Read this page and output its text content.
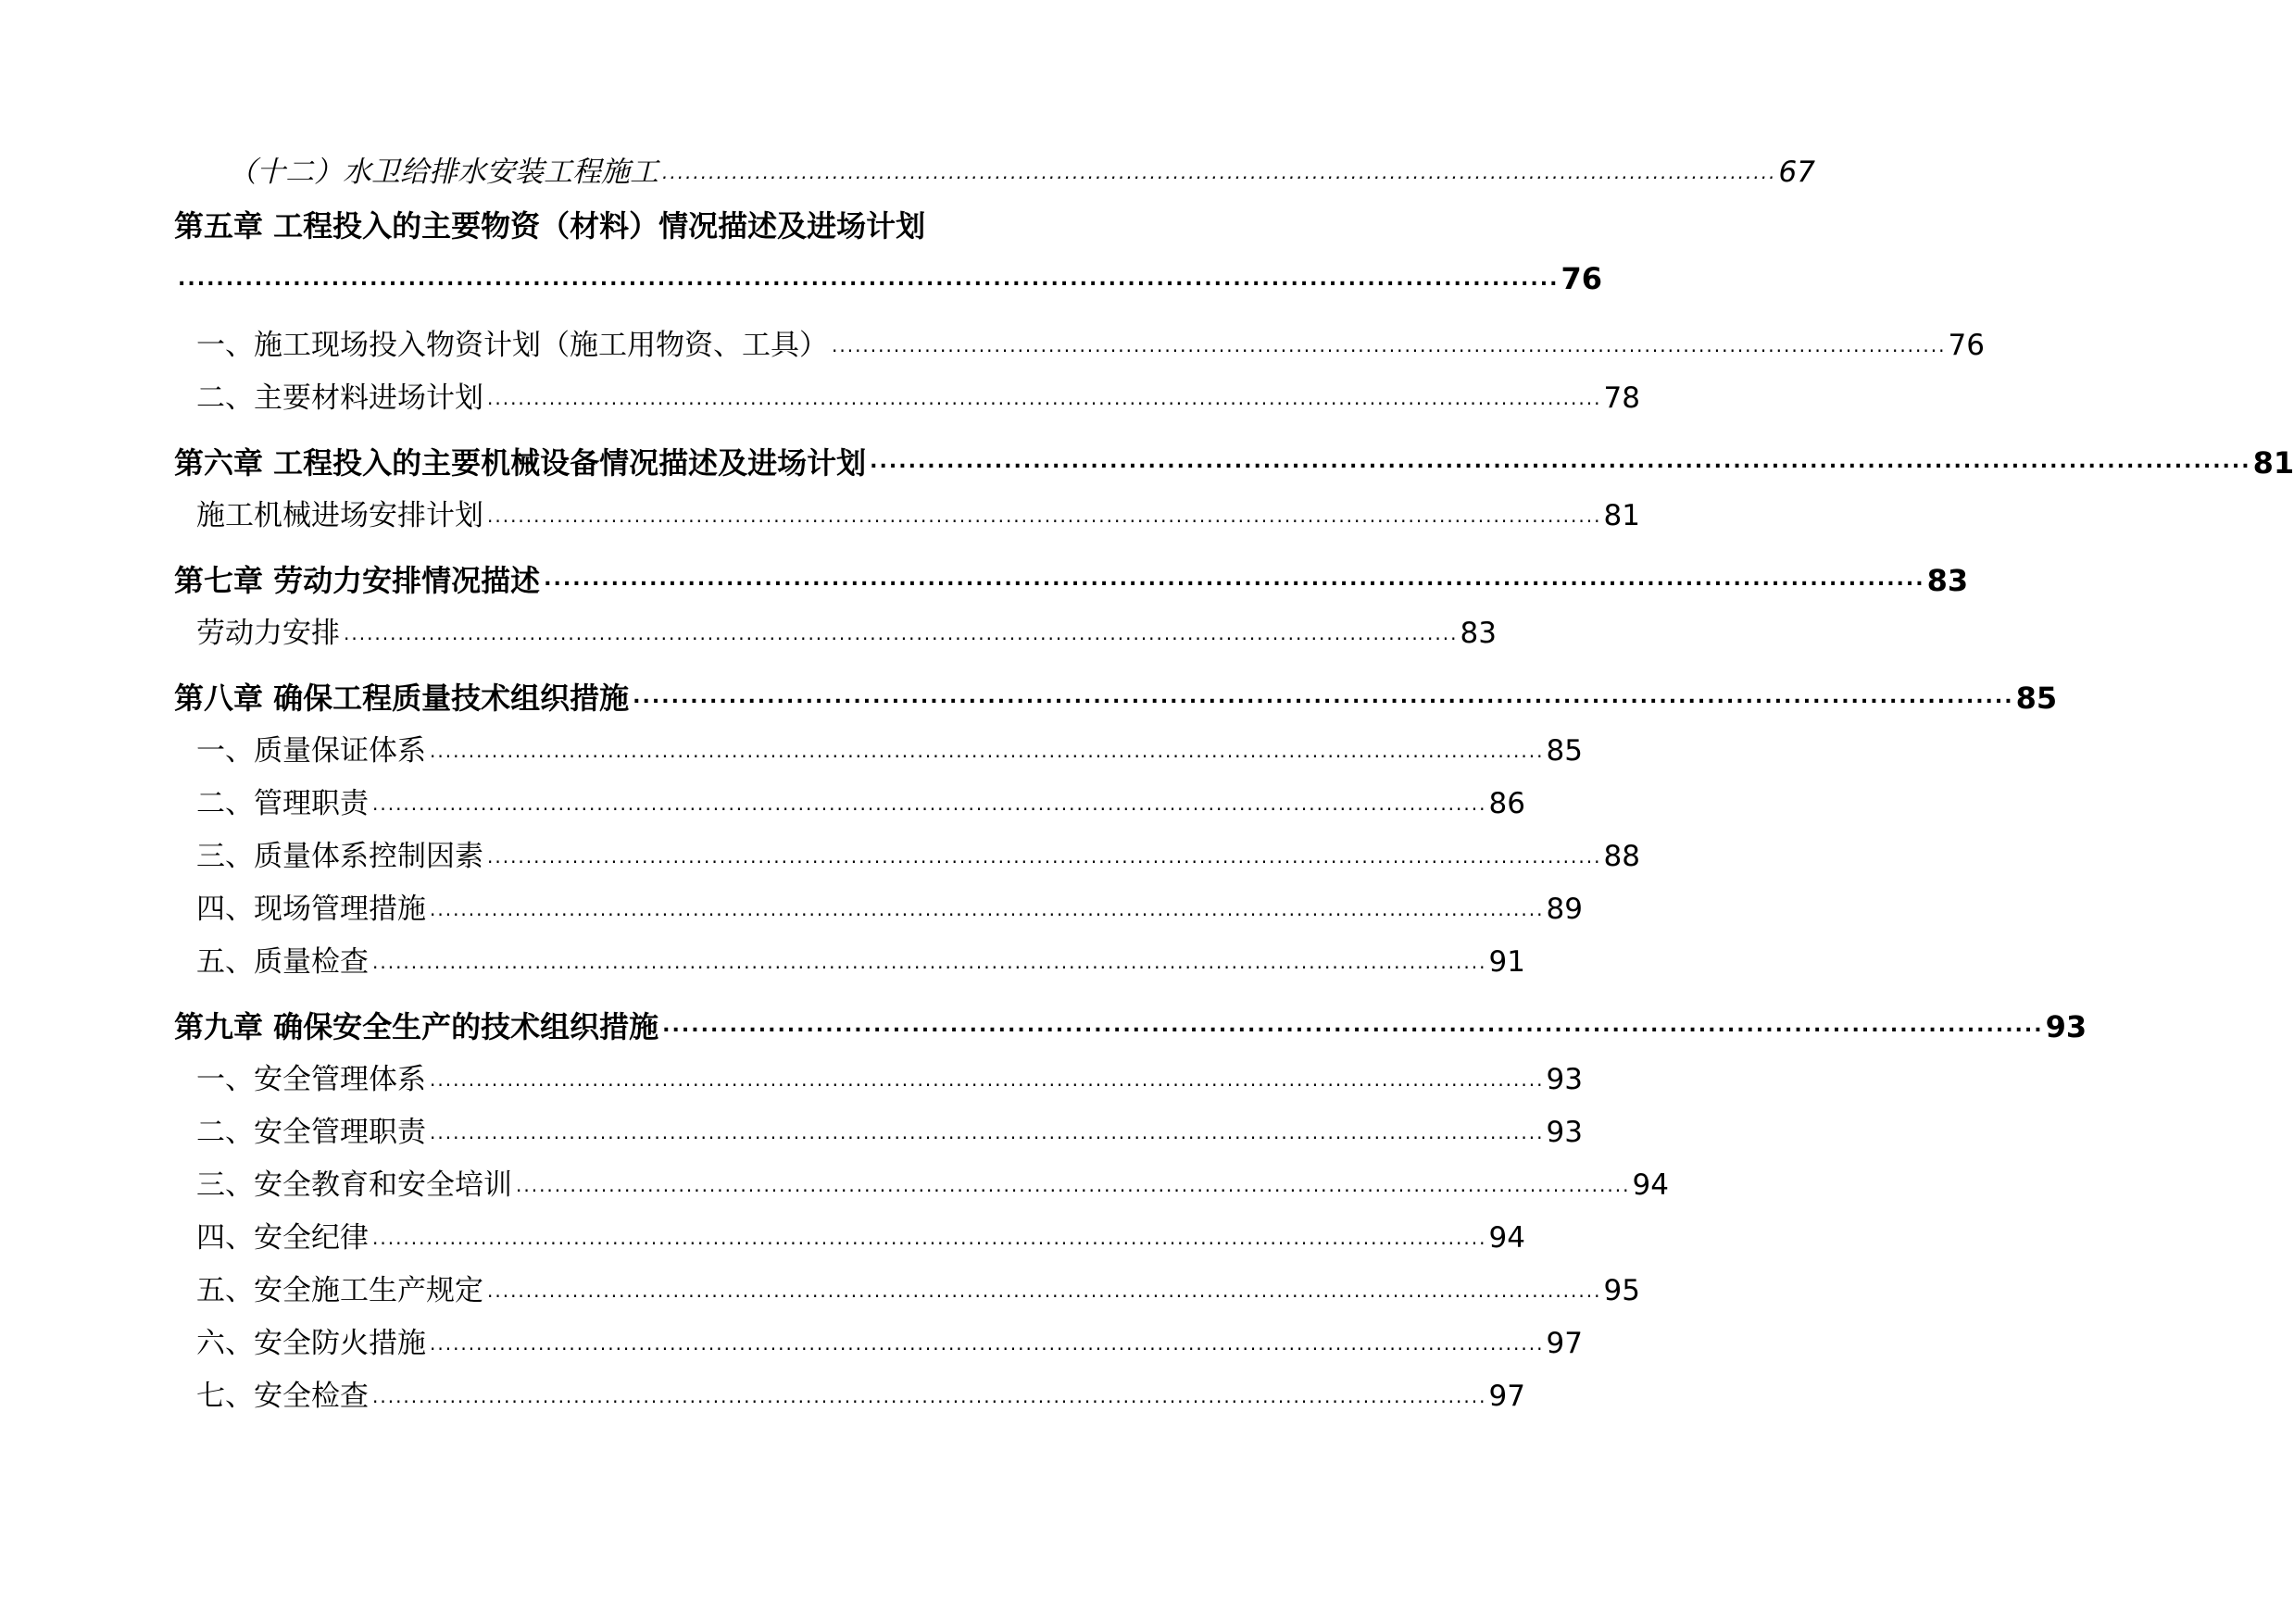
（十二）水卫给排水安装工程施工 ................................................................................................................................................ 67
第五章 工程投入的主要物资（材料）情况描述及进场计划
................................................................................................................................................ 76
一、施工现场投入物资计划（施工用物资、工具） ................................................................................................................................................ 76
二、主要材料进场计划 ................................................................................................................................................ 78
第六章 工程投入的主要机械设备情况描述及进场计划 ................................................................................................................................................ 81
施工机械进场安排计划 ................................................................................................................................................ 81
第七章 劳动力安排情况描述 ................................................................................................................................................ 83
劳动力安排 ................................................................................................................................................ 83
第八章 确保工程质量技术组织措施 ................................................................................................................................................ 85
一、质量保证体系 ................................................................................................................................................ 85
二、管理职责 ................................................................................................................................................ 86
三、质量体系控制因素 ................................................................................................................................................ 88
四、现场管理措施 ................................................................................................................................................ 89
五、质量检查 ................................................................................................................................................ 91
第九章 确保安全生产的技术组织措施 ................................................................................................................................................ 93
一、安全管理体系 ................................................................................................................................................ 93
二、安全管理职责 ................................................................................................................................................ 93
三、安全教育和安全培训 ................................................................................................................................................ 94
四、安全纪律 ................................................................................................................................................ 94
五、安全施工生产规定 ................................................................................................................................................ 95
六、安全防火措施 ................................................................................................................................................ 97
七、安全检查 ................................................................................................................................................ 97
